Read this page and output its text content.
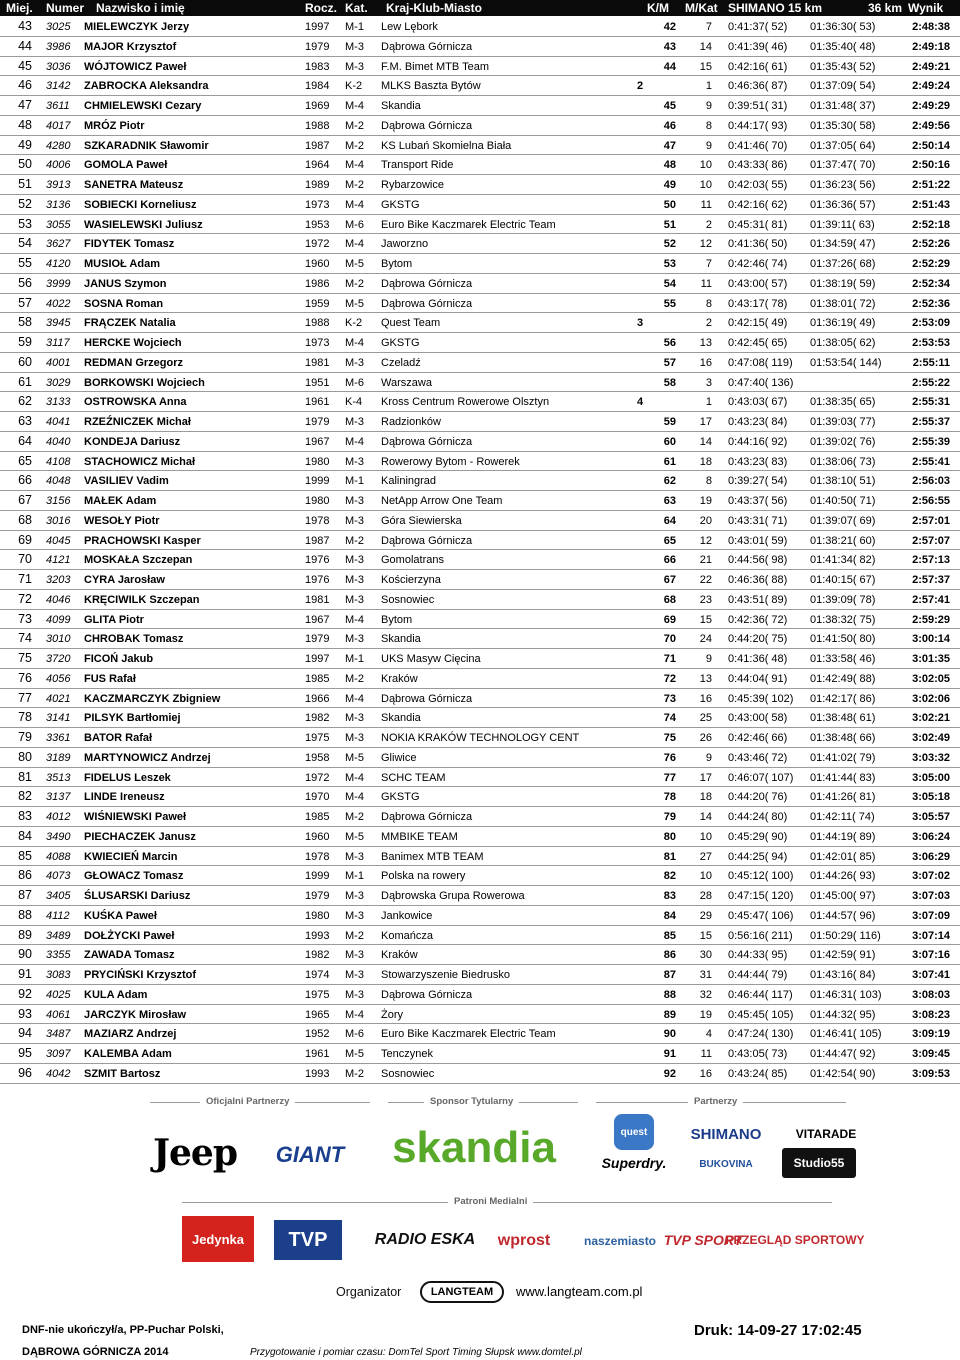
Miej. Numer Nazwisko i imię	Rocz. Kat. Kraj-Klub-Miasto	K/M M/Kat SHIMANO 15 km	36 km Wynik
43 3025 MIELEWCZYK Jerzy	1997 M-1 Lew Lębork	42	7 0:41:37( 52) 01:36:30( 53)	2:48:38
44 3986 MAJOR Krzysztof	1979 M-3 Dąbrowa Górnicza	43	14 0:41:39( 46) 01:35:40( 48)	2:49:18
45 3036 WÓJTOWICZ Paweł	1983 M-3 F.M. Bimet MTB Team	44	15 0:42:16( 61) 01:35:43( 52)	2:49:21
46 3142 ZABROCKA Aleksandra	1984 K-2 MLKS Baszta Bytów	2	1 0:46:36( 87) 01:37:09( 54)	2:49:24
47 3611 CHMIELEWSKI Cezary	1969 M-4 Skandia	45	9 0:39:51( 31) 01:31:48( 37)	2:49:29
48 4017 MRÓZ Piotr	1988 M-2 Dąbrowa Górnicza	46	8 0:44:17( 93) 01:35:30( 58)	2:49:56
49 4280 SZKARADNIK Sławomir	1987 M-2 KS Lubań Skomielna Biała	47	9 0:41:46( 70) 01:37:05( 64)	2:50:14
50 4006 GOMOLA Paweł	1964 M-4 Transport Ride	48	10 0:43:33( 86) 01:37:47( 70)	2:50:16
51 3913 SANETRA Mateusz	1989 M-2 Rybarzowice	49	10 0:42:03( 55) 01:36:23( 56)	2:51:22
52 3136 SOBIECKI Korneliusz	1973 M-4 GKSTG	50	11 0:42:16( 62) 01:36:36( 57)	2:51:43
53 3055 WASIELEWSKI Juliusz	1953 M-6 Euro Bike Kaczmarek Electric Team	51	2 0:45:31( 81) 01:39:11( 63)	2:52:18
54 3627 FIDYTEK Tomasz	1972 M-4 Jaworzno	52	12 0:41:36( 50) 01:34:59( 47)	2:52:26
55 4120 MUSIOŁ Adam	1960 M-5 Bytom	53	7 0:42:46( 74) 01:37:26( 68)	2:52:29
56 3999 JANUS Szymon	1986 M-2 Dąbrowa Górnicza	54	11 0:43:00( 57) 01:38:19( 59)	2:52:34
57 4022 SOSNA Roman	1959 M-5 Dąbrowa Górnicza	55	8 0:43:17( 78) 01:38:01( 72)	2:52:36
58 3945 FRĄCZEK Natalia	1988 K-2 Quest Team	3	2 0:42:15( 49) 01:36:19( 49)	2:53:09
59 3117 HERCKE Wojciech	1973 M-4 GKSTG	56	13 0:42:45( 65) 01:38:05( 62)	2:53:53
60 4001 REDMAN Grzegorz	1981 M-3 Czeladź	57	16 0:47:08( 119) 01:53:54( 144)	2:55:11
61 3029 BORKOWSKI Wojciech	1951 M-6 Warszawa	58	3 0:47:40( 136)	2:55:22
62 3133 OSTROWSKA Anna	1961 K-4 Kross Centrum Rowerowe Olsztyn	4	1 0:43:03( 67) 01:38:35( 65)	2:55:31
63 4041 RZEŹNICZEK Michał	1979 M-3 Radzionków	59	17 0:43:23( 84) 01:39:03( 77)	2:55:37
64 4040 KONDEJA Dariusz	1967 M-4 Dąbrowa Górnicza	60	14 0:44:16( 92) 01:39:02( 76)	2:55:39
65 4108 STACHOWICZ Michał	1980 M-3 Rowerowy Bytom - Rowerek	61	18 0:43:23( 83) 01:38:06( 73)	2:55:41
66 4048 VASILIEV Vadim	1999 M-1 Kaliningrad	62	8 0:39:27( 54) 01:38:10( 51)	2:56:03
67 3156 MAŁEK Adam	1980 M-3 NetApp Arrow One Team	63	19 0:43:37( 56) 01:40:50( 71)	2:56:55
68 3016 WESOŁY Piotr	1978 M-3 Góra Siewierska	64	20 0:43:31( 71) 01:39:07( 69)	2:57:01
69 4045 PRACHOWSKI Kasper	1987 M-2 Dąbrowa Górnicza	65	12 0:43:01( 59) 01:38:21( 60)	2:57:07
70 4121 MOSKAŁA Szczepan	1976 M-3 Gomolatrans	66	21 0:44:56( 98) 01:41:34( 82)	2:57:13
71 3203 CYRA Jarosław	1976 M-3 Kościerzyna	67	22 0:46:36( 88) 01:40:15( 67)	2:57:37
72 4046 KRĘCIWILK Szczepan	1981 M-3 Sosnowiec	68	23 0:43:51( 89) 01:39:09( 78)	2:57:41
73 4099 GLITA Piotr	1967 M-4 Bytom	69	15 0:42:36( 72) 01:38:32( 75)	2:59:29
74 3010 CHROBAK Tomasz	1979 M-3 Skandia	70	24 0:44:20( 75) 01:41:50( 80)	3:00:14
75 3720 FICOŃ Jakub	1997 M-1 UKS Masyw Cięcina	71	9 0:41:36( 48) 01:33:58( 46)	3:01:35
76 4056 FUS Rafał	1985 M-2 Kraków	72	13 0:44:04( 91) 01:42:49( 88)	3:02:05
77 4021 KACZMARCZYK Zbigniew	1966 M-4 Dąbrowa Górnicza	73	16 0:45:39( 102) 01:42:17( 86)	3:02:06
78 3141 PILSYK Bartłomiej	1982 M-3 Skandia	74	25 0:43:00( 58) 01:38:48( 61)	3:02:21
79 3361 BATOR Rafał	1975 M-3 NOKIA KRAKÓW TECHNOLOGY CENT	75	26 0:42:46( 66) 01:38:48( 66)	3:02:49
80 3189 MARTYNOWICZ Andrzej	1958 M-5 Gliwice	76	9 0:43:46( 72) 01:41:02( 79)	3:03:32
81 3513 FIDELUS Leszek	1972 M-4 SCHC TEAM	77	17 0:46:07( 107) 01:41:44( 83)	3:05:00
82 3137 LINDE Ireneusz	1970 M-4 GKSTG	78	18 0:44:20( 76) 01:41:26( 81)	3:05:18
83 4012 WIŚNIEWSKI Paweł	1985 M-2 Dąbrowa Górnicza	79	14 0:44:24( 80) 01:42:11( 74)	3:05:57
84 3490 PIECHACZEK Janusz	1960 M-5 MMBIKE TEAM	80	10 0:45:29( 90) 01:44:19( 89)	3:06:24
85 4088 KWIECIEŃ Marcin	1978 M-3 Banimex MTB TEAM	81	27 0:44:25( 94) 01:42:01( 85)	3:06:29
86 4073 GŁOWACZ Tomasz	1999 M-1 Polska na rowery	82	10 0:45:12( 100) 01:44:26( 93)	3:07:02
87 3405 ŚLUSARSKI Dariusz	1979 M-3 Dąbrowska Grupa Rowerowa	83	28 0:47:15( 120) 01:45:00( 97)	3:07:03
88 4112 KUŚKA Paweł	1980 M-3 Jankowice	84	29 0:45:47( 106) 01:44:57( 96)	3:07:09
89 3489 DOŁŻYCKI Paweł	1993 M-2 Komańcza	85	15 0:56:16( 211) 01:50:29( 116)	3:07:14
90 3355 ZAWADA Tomasz	1982 M-3 Kraków	86	30 0:44:33( 95) 01:42:59( 91)	3:07:16
91 3083 PRYCIŃSKI Krzysztof	1974 M-3 Stowarzyszenie Biedrusko	87	31 0:44:44( 79) 01:43:16( 84)	3:07:41
92 4025 KULA Adam	1975 M-3 Dąbrowa Górnicza	88	32 0:46:44( 117) 01:46:31( 103)	3:08:03
93 4061 JARCZYK Mirosław	1965 M-4 Żory	89	19 0:45:45( 105) 01:44:32( 95)	3:08:23
94 3487 MAZIARZ Andrzej	1952 M-6 Euro Bike Kaczmarek Electric Team	90	4 0:47:24( 130) 01:46:41( 105)	3:09:19
95 3097 KALEMBA Adam	1961 M-5 Tenczynek	91	11 0:43:05( 73) 01:44:47( 92)	3:09:45
96 4042 SZMIT Bartosz	1993 M-2 Sosnowiec	92	16 0:43:24( 85) 01:42:54( 90)	3:09:53
Oficjalni Partnerzy	Sponsor Tytularny	Partnerzy
Patroni Medialni
Jeep	GIANT	skandia	quest
Superdry.
SHIMANO
BUKOVINA
VITARADE
Studio55
Jedynka	TVP	RADIO ESKA	wprost	naszemiasto TVP SPORT
PRZEGLĄD SPORTOWY
Organizator	LANGTEAM	www.langteam.com.pl
DNF-nie ukończył/a, PP-Puchar Polski,
DĄBROWA GÓRNICZA 2014	Przygotowanie i pomiar czasu: DomTel Sport Timing Słupsk www.domtel.pl
Druk: 14-09-27 17:02:45
